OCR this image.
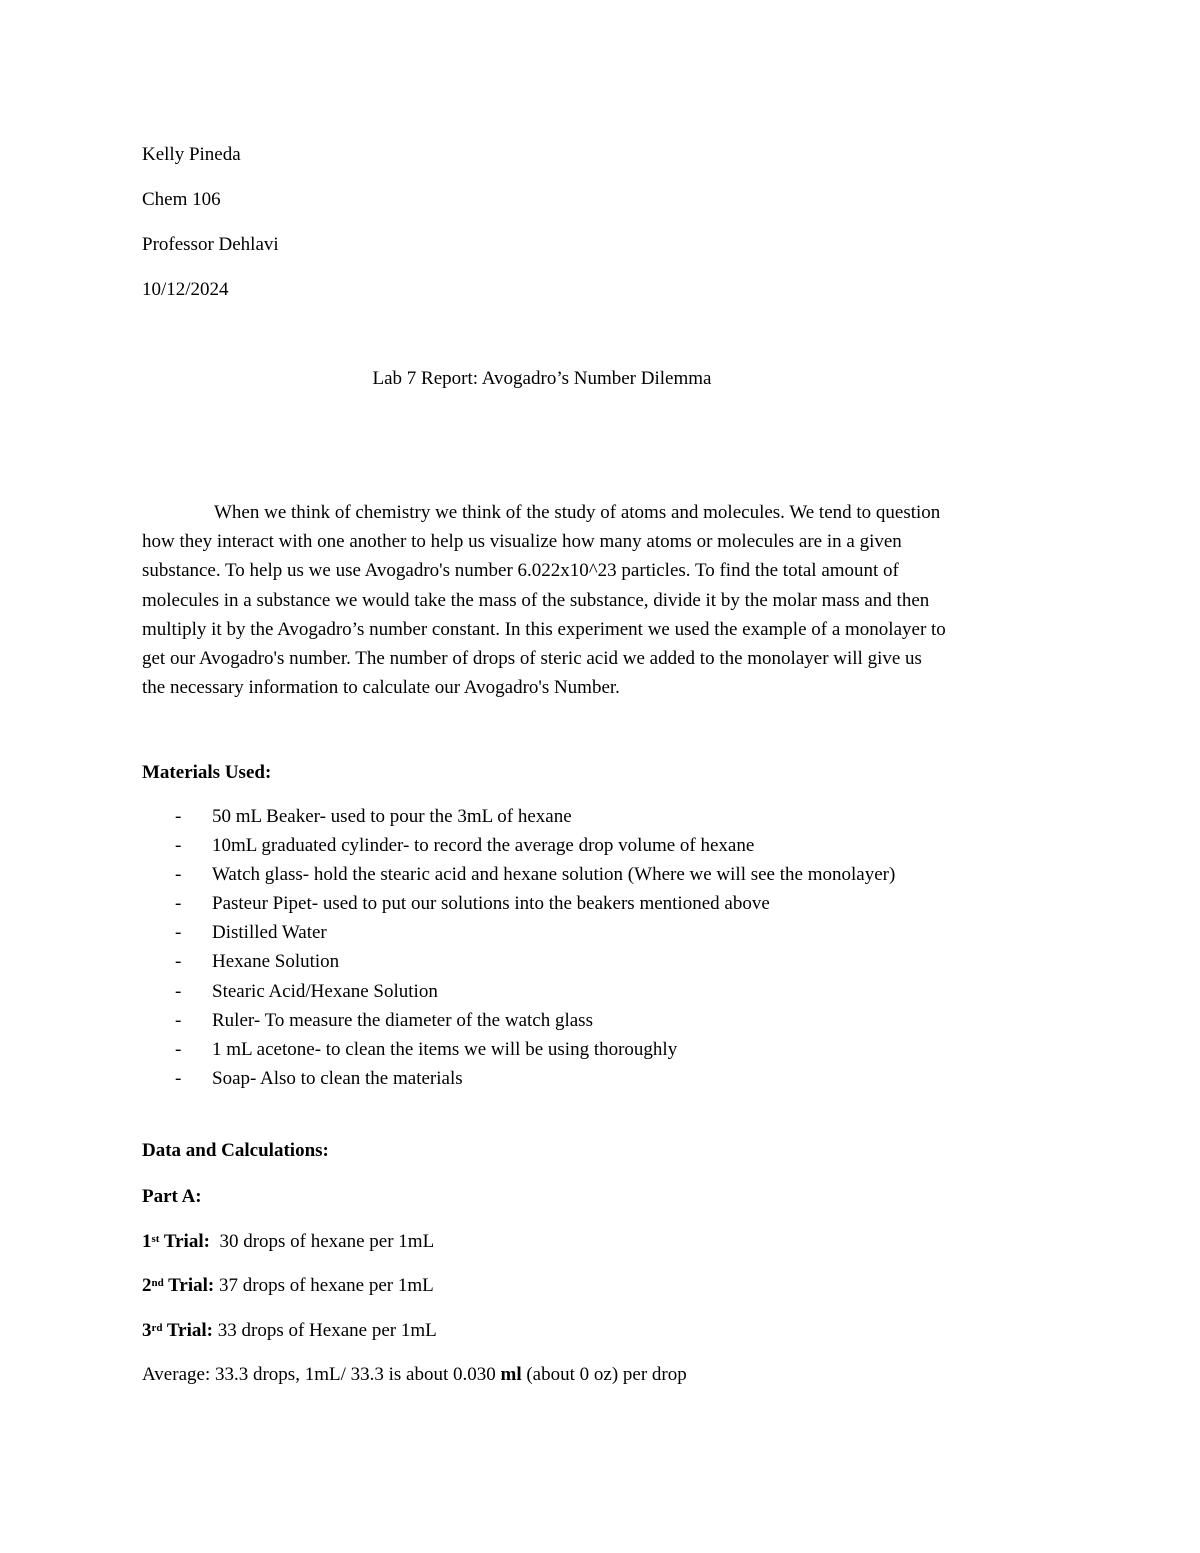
Kelly Pineda
Chem 106
Professor Dehlavi
10/12/2024
Lab 7 Report: Avogadro’s Number Dilemma
When we think of chemistry we think of the study of atoms and molecules. We tend to question
how they interact with one another to help us visualize how many atoms or molecules are in a given
substance. To help us we use Avogadro's number 6.022x10^23 particles. To find the total amount of
molecules in a substance we would take the mass of the substance, divide it by the molar mass and then
multiply it by the Avogadro’s number constant. In this experiment we used the example of a monolayer to
get our Avogadro's number. The number of drops of steric acid we added to the monolayer will give us
the necessary information to calculate our Avogadro's Number.
Materials Used:
- 50 mL Beaker- used to pour the 3mL of hexane
- 10mL graduated cylinder- to record the average drop volume of hexane
- Watch glass- hold the stearic acid and hexane solution (Where we will see the monolayer)
- Pasteur Pipet- used to put our solutions into the beakers mentioned above
- Distilled Water
- Hexane Solution
- Stearic Acid/Hexane Solution
- Ruler- To measure the diameter of the watch glass
- 1 mL acetone- to clean the items we will be using thoroughly
- Soap- Also to clean the materials
Data and Calculations:
Part A:
1st Trial:  30 drops of hexane per 1mL
2nd Trial: 37 drops of hexane per 1mL
3rd Trial: 33 drops of Hexane per 1mL
Average: 33.3 drops, 1mL/ 33.3 is about 0.030 ml (about 0 oz) per drop
